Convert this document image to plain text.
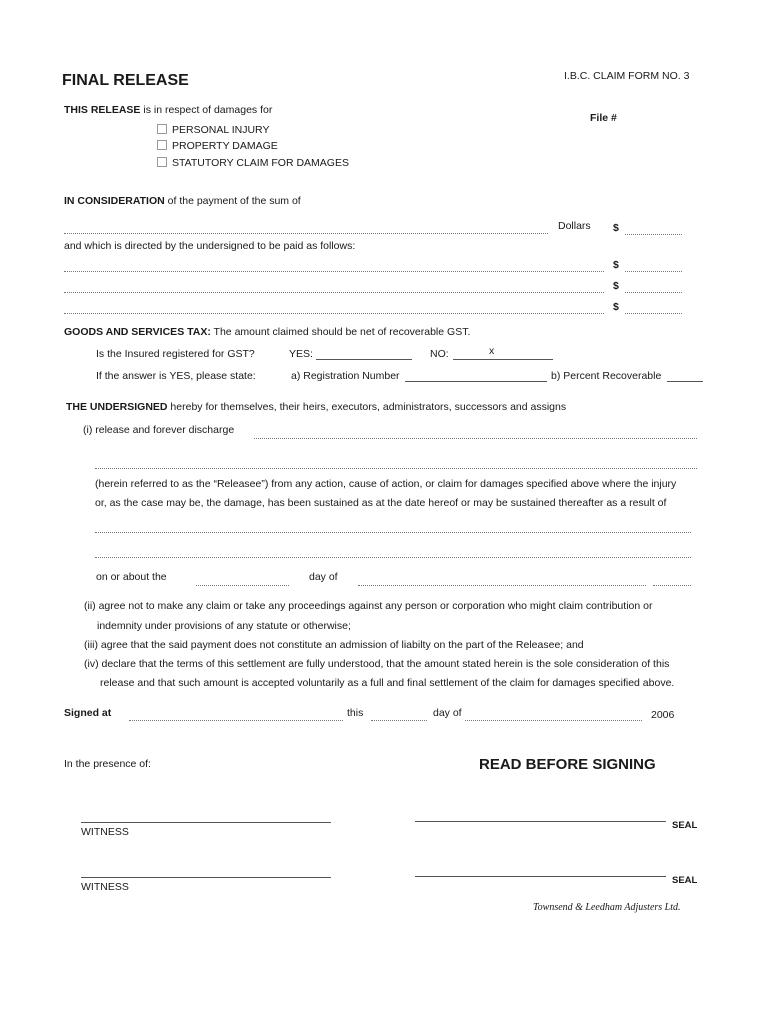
FINAL RELEASE	I.B.C. CLAIM FORM NO. 3
File #
THIS RELEASE is in respect of damages for
PERSONAL INJURY
PROPERTY DAMAGE
STATUTORY CLAIM FOR DAMAGES
IN CONSIDERATION of the payment of the sum of
Dollars $
and which is directed by the undersigned to be paid as follows:
$
$
$
GOODS AND SERVICES TAX: The amount claimed should be net of recoverable GST.
Is the Insured registered for GST?	YES:	NO:	x
If the answer is YES, please state:	a) Registration Number	b) Percent Recoverable
THE UNDERSIGNED hereby for themselves, their heirs, executors, administrators, successors and assigns
(i) release and forever discharge
(herein referred to as the “Releasee”) from any action, cause of action, or claim for damages specified above where the injury
or, as the case may be, the damage, has been sustained as at the date hereof or may be sustained thereafter as a result of
on or about the	day of
(ii) agree not to make any claim or take any proceedings against any person or corporation who might claim contribution or
indemnity under provisions of any statute or otherwise;
(iii) agree that the said payment does not constitute an admission of liabilty on the part of the Releasee; and
(iv) declare that the terms of this settlement are fully understood, that the amount stated herein is the sole consideration of this
release and that such amount is accepted voluntarily as a full and final settlement of the claim for damages specified above.
Signed at	this	day of	2006
In the presence of:	READ BEFORE SIGNING
WITNESS
SEAL
WITNESS
SEAL
Townsend & Leedham Adjusters Ltd.
